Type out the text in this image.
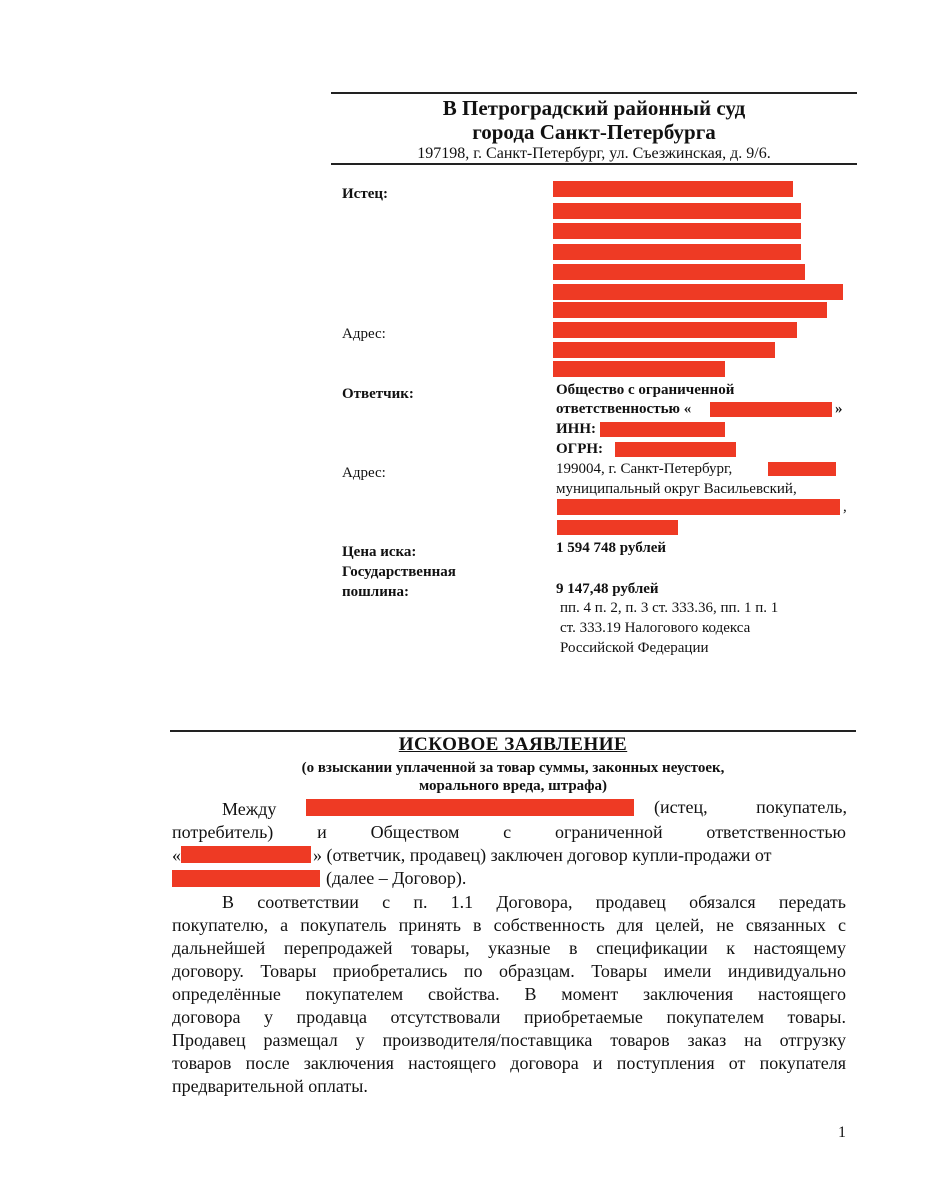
В Петроградский районный суд
города Санкт-Петербурга
197198, г. Санкт-Петербург, ул. Съезжинская, д. 9/6.
Истец:
Адрес:
Ответчик:	Общество с ограниченной
ответственностью «	»
ИНН:
ОГРН:
Адрес:	199004, г. Санкт-Петербург,
муниципальный округ Васильевский,
,
Цена иска:	1 594 748 рублей
Государственная
пошлина:	9 147,48 рублей
пп. 4 п. 2, п. 3 ст. 333.36, пп. 1 п. 1
ст. 333.19 Налогового кодекса
Российской Федерации
ИСКОВОЕ ЗАЯВЛЕНИЕ
(о взыскании уплаченной за товар суммы, законных неустоек,
морального вреда, штрафа)
Между	(истец, покупатель,
потребитель) и Обществом с ограниченной ответственностью
«	» (ответчик, продавец) заключен договор купли-продажи от
(далее – Договор).
В соответствии с п. 1.1 Договора, продавец обязался передать
покупателю, а покупатель принять в собственность для целей, не связанных с
дальнейшей перепродажей товары, указные в спецификации к настоящему
договору. Товары приобретались по образцам. Товары имели индивидуально
определённые покупателем свойства. В момент заключения настоящего
договора у продавца отсутствовали приобретаемые покупателем товары.
Продавец размещал у производителя/поставщика товаров заказ на отгрузку
товаров после заключения настоящего договора и поступления от покупателя
предварительной оплаты.
1
